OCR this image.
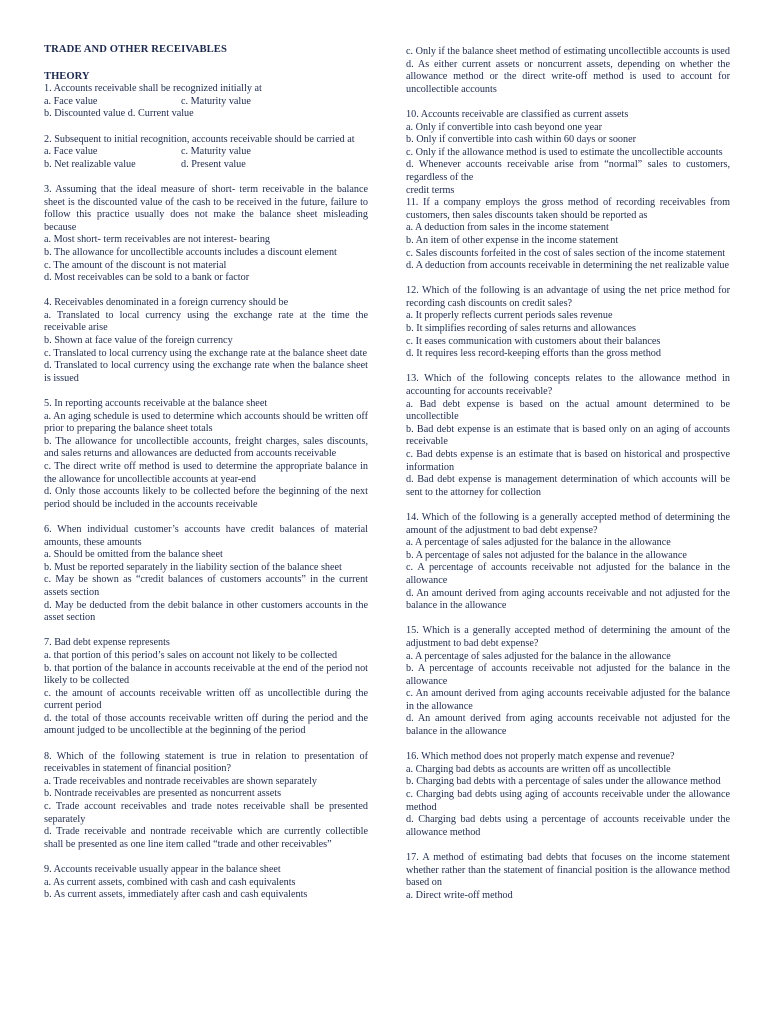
TRADE AND OTHER RECEIVABLES

THEORY

1. Accounts receivable shall be recognized initially at

a. Face value	c. Maturity value
b. Discounted value d. Current value

2. Subsequent to initial recognition, accounts receivable should be carried at

a. Face value	c. Maturity value
b. Net realizable value	d. Present value

3. Assuming that the ideal measure of short- term receivable in the balance sheet is the discounted value of the cash to be received in the future, failure to follow this practice usually does not make the balance sheet misleading because

a. Most short- term receivables are not interest- bearing

b. The allowance for uncollectible accounts includes a discount element

c. The amount of the discount is not material

d. Most receivables can be sold to a bank or factor

4. Receivables denominated in a foreign currency should be

a. Translated to local currency using the exchange rate at the time the receivable arise

b. Shown at face value of the foreign currency

c. Translated to local currency using the exchange rate at the balance sheet date

d. Translated to local currency using the exchange rate when the balance sheet is issued

5. In reporting accounts receivable at the balance sheet

a. An aging schedule is used to determine which accounts should be written off prior to preparing the balance sheet totals

b. The allowance for uncollectible accounts, freight charges, sales discounts, and sales returns and allowances are deducted from accounts receivable

c. The direct write off method is used to determine the appropriate balance in the allowance for uncollectible accounts at year-end

d. Only those accounts likely to be collected before the beginning of the next period should be included in the accounts receivable

6. When individual customer’s accounts have credit balances of material amounts, these amounts

a. Should be omitted from the balance sheet

b. Must be reported separately in the liability section of the balance sheet

c. May be shown as “credit balances of customers accounts” in the current assets section

d. May be deducted from the debit balance in other customers accounts in the asset section

7. Bad debt expense represents

a. that portion of this period’s sales on account not likely to be collected

b. that portion of the balance in accounts receivable at the end of the period not likely to be collected

c. the amount of accounts receivable written off as uncollectible during the current period

d. the total of those accounts receivable written off during the period and the amount judged to be uncollectible at the beginning of the period

8. Which of the following statement is true in relation to presentation of receivables in statement of financial position?

a. Trade receivables and nontrade receivables are shown separately

b. Nontrade receivables are presented as noncurrent assets

c. Trade account receivables and trade notes receivable shall be presented separately

d. Trade receivable and nontrade receivable which are currently collectible shall be presented as one line item called “trade and other receivables”

9. Accounts receivable usually appear in the balance sheet

a. As current assets, combined with cash and cash equivalents

b. As current assets, immediately after cash and cash equivalents

c. Only if the balance sheet method of estimating uncollectible accounts is used

d. As either current assets or noncurrent assets, depending on whether the allowance method or the direct write-off method is used to account for uncollectible accounts

10. Accounts receivable are classified as current assets

a. Only if convertible into cash beyond one year

b. Only if convertible into cash within 60 days or sooner

c. Only if the allowance method is used to estimate the uncollectible accounts

d. Whenever accounts receivable arise from “normal” sales to customers, regardless of the

credit terms

11. If a company employs the gross method of recording receivables from customers, then sales discounts taken should be reported as

a. A deduction from sales in the income statement

b. An item of other expense in the income statement

c. Sales discounts forfeited in the cost of sales section of the income statement

d. A deduction from accounts receivable in determining the net realizable value

12. Which of the following is an advantage of using the net price method for recording cash discounts on credit sales?

a. It properly reflects current periods sales revenue

b. It simplifies recording of sales returns and allowances

c. It eases communication with customers about their balances

d. It requires less record-keeping efforts than the gross method

13. Which of the following concepts relates to the allowance method in accounting for accounts receivable?

a. Bad debt expense is based on the actual amount determined to be uncollectible

b. Bad debt expense is an estimate that is based only on an aging of accounts receivable

c. Bad debts expense is an estimate that is based on historical and prospective information

d. Bad debt expense is management determination of which accounts will be sent to the attorney for collection

14. Which of the following is a generally accepted method of determining the amount of the adjustment to bad debt expense?

a. A percentage of sales adjusted for the balance in the allowance

b. A percentage of sales not adjusted for the balance in the allowance

c. A percentage of accounts receivable not adjusted for the balance in the allowance

d. An amount derived from aging accounts receivable and not adjusted for the balance in the allowance

15. Which is a generally accepted method of determining the amount of the adjustment to bad debt expense?

a. A percentage of sales adjusted for the balance in the allowance

b. A percentage of accounts receivable not adjusted for the balance in the allowance

c. An amount derived from aging accounts receivable adjusted for the balance in the allowance

d. An amount derived from aging accounts receivable not adjusted for the balance in the allowance

16. Which method does not properly match expense and revenue?

a. Charging bad debts as accounts are written off as uncollectible

b. Charging bad debts with a percentage of sales under the allowance method

c. Charging bad debts using aging of accounts receivable under the allowance method

d. Charging bad debts using a percentage of accounts receivable under the allowance method

17. A method of estimating bad debts that focuses on the income statement whether rather than the statement of financial position is the allowance method based on

a. Direct write-off method
